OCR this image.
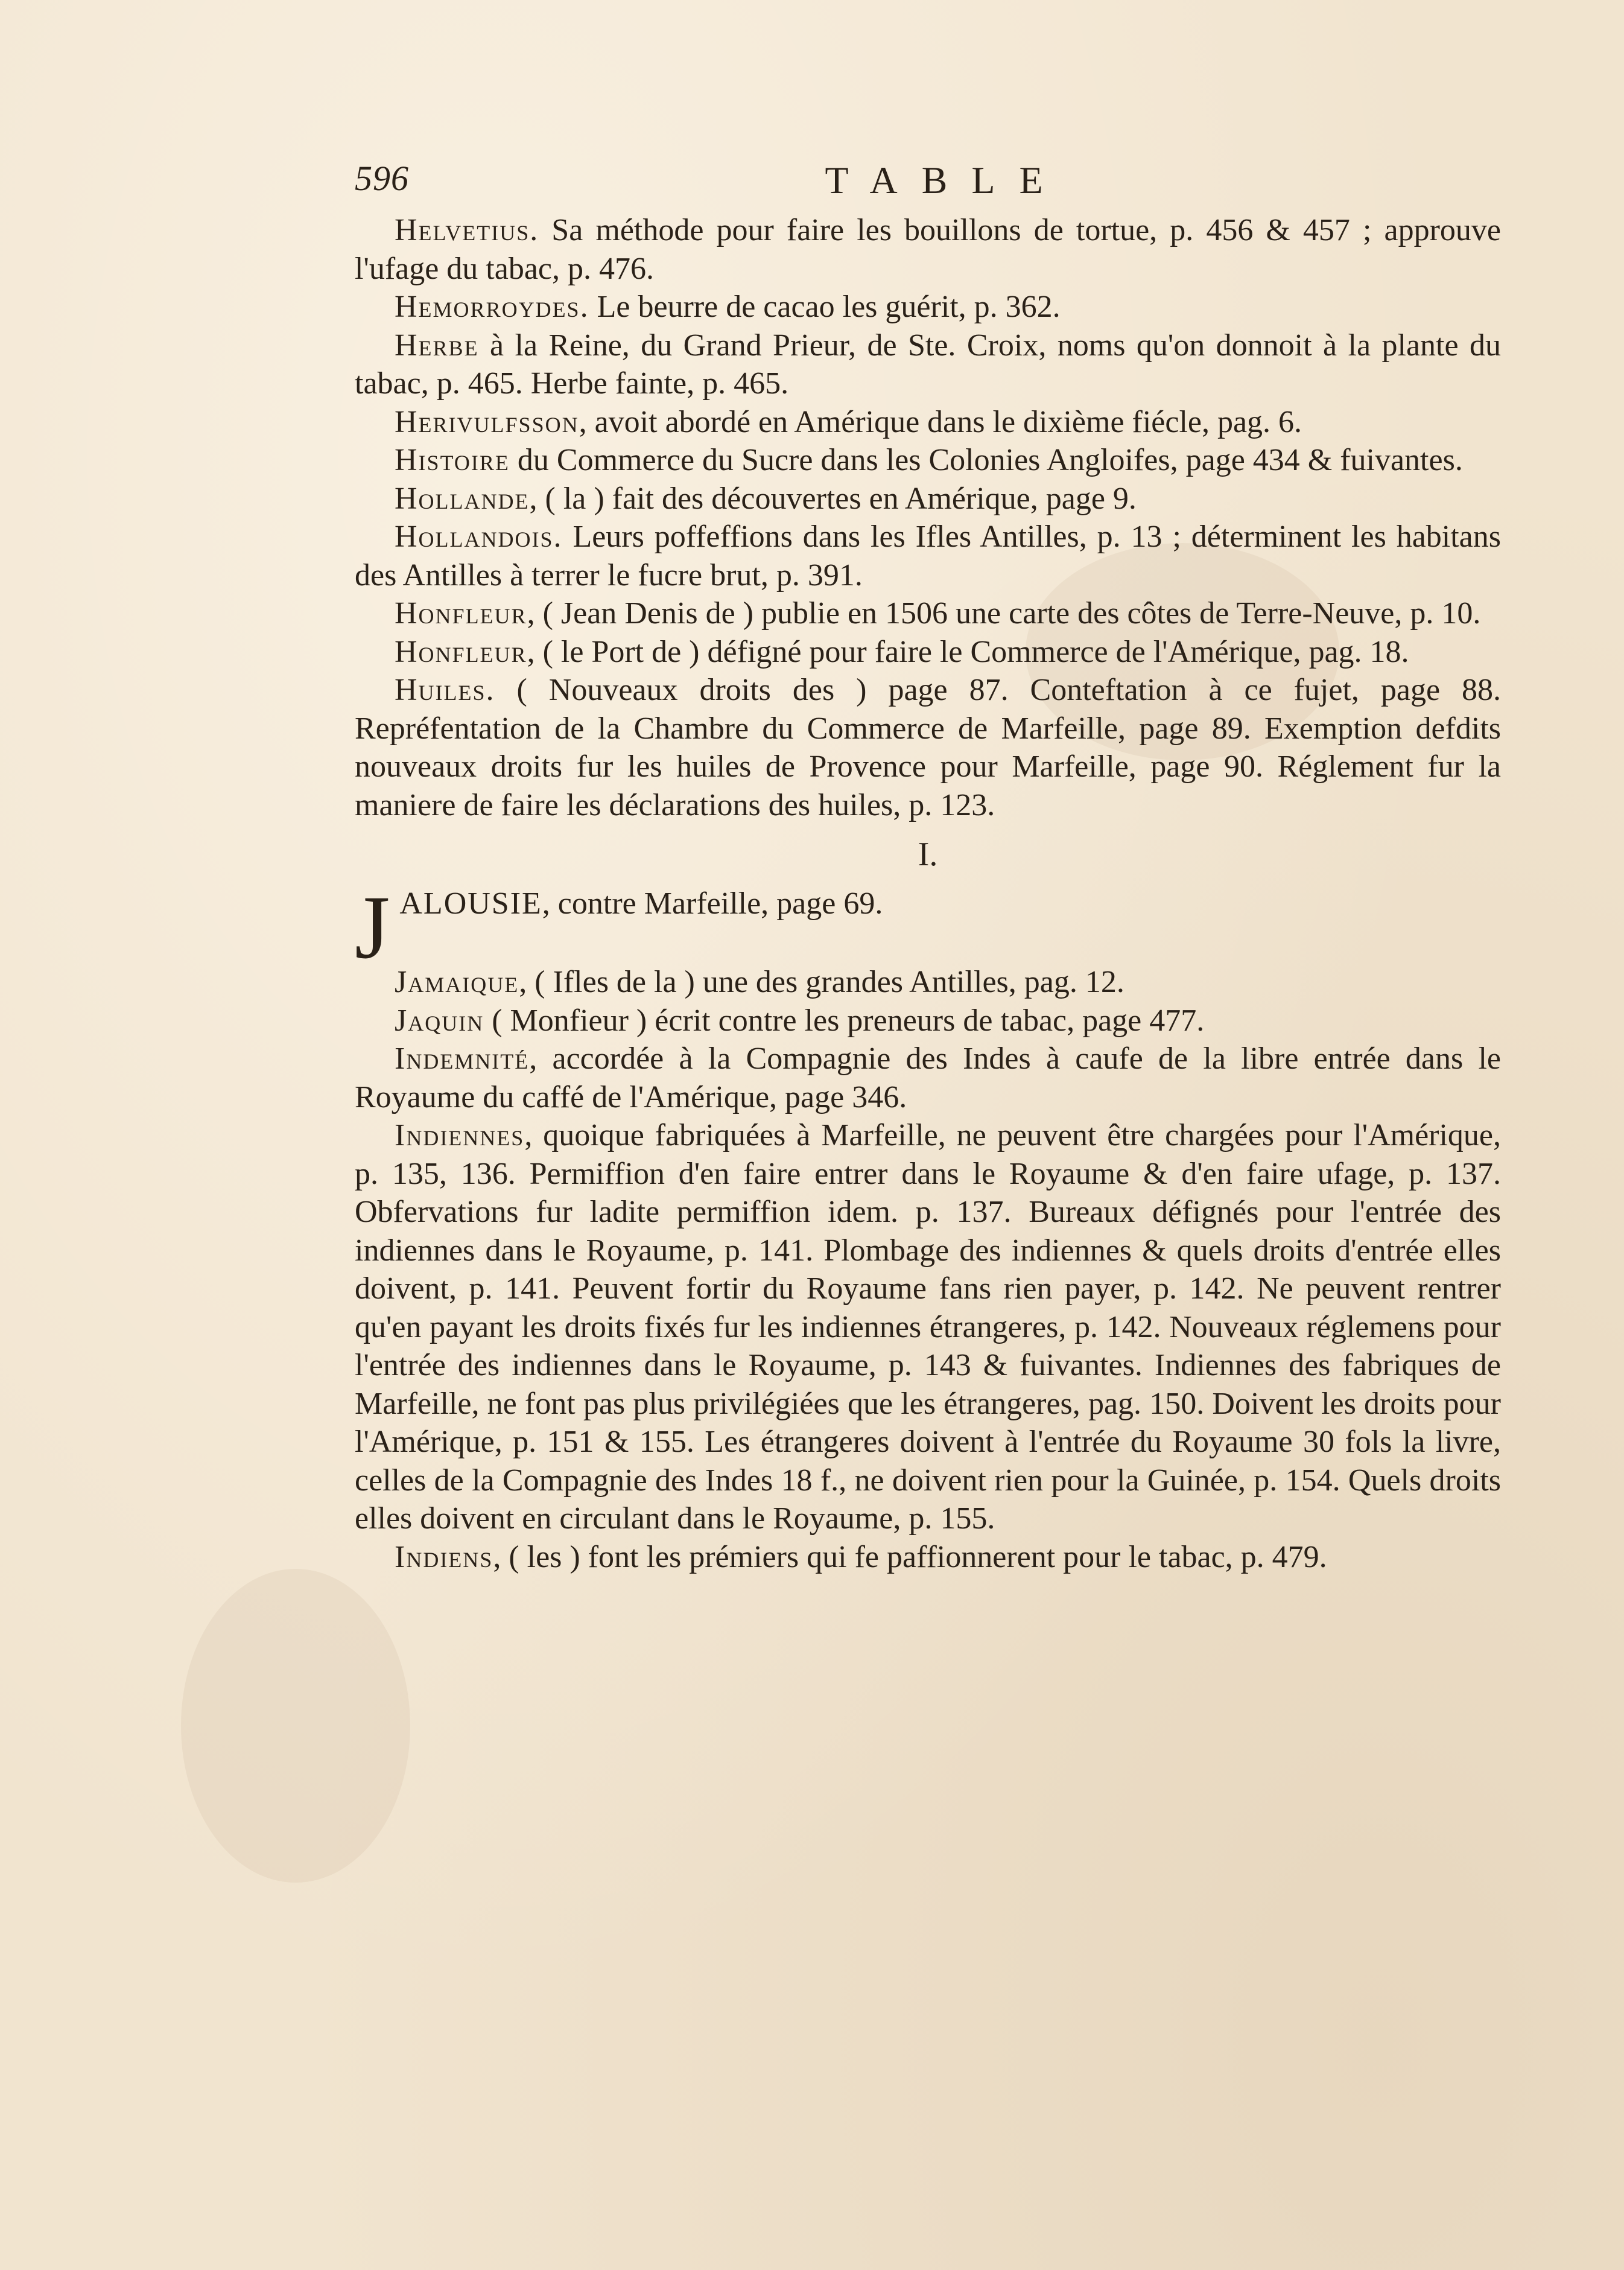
596	TABLE

Helvetius. Sa méthode pour faire les bouillons de tortue, p. 456 & 457 ; approuve l'ufage du tabac, p. 476.

Hemorroydes. Le beurre de cacao les guérit, p. 362.

Herbe à la Reine, du Grand Prieur, de Ste. Croix, noms qu'on donnoit à la plante du tabac, p. 465. Herbe fainte, p. 465.

Herivulfsson, avoit abordé en Amérique dans le dixième fiécle, pag. 6.

Histoire du Commerce du Sucre dans les Colonies Angloifes, page 434 & fuivantes.

Hollande, ( la ) fait des découvertes en Amérique, page 9.

Hollandois. Leurs poffeffions dans les Ifles Antilles, p. 13 ; déterminent les habitans des Antilles à terrer le fucre brut, p. 391.

Honfleur, ( Jean Denis de ) publie en 1506 une carte des côtes de Terre-Neuve, p. 10.

Honfleur, ( le Port de ) défigné pour faire le Commerce de l'Amérique, pag. 18.

Huiles. ( Nouveaux droits des ) page 87. Conteftation à ce fujet, page 88. Repréfentation de la Chambre du Commerce de Marfeille, page 89. Exemption defdits nouveaux droits fur les huiles de Provence pour Marfeille, page 90. Réglement fur la maniere de faire les déclarations des huiles, p. 123.

I.

JALOUSIE, contre Marfeille, page 69.

Jamaique, ( Ifles de la ) une des grandes Antilles, pag. 12.

Jaquin ( Monfieur ) écrit contre les preneurs de tabac, page 477.

Indemnité, accordée à la Compagnie des Indes à caufe de la libre entrée dans le Royaume du caffé de l'Amérique, page 346.

Indiennes, quoique fabriquées à Marfeille, ne peuvent être chargées pour l'Amérique, p. 135, 136. Permiffion d'en faire entrer dans le Royaume & d'en faire ufage, p. 137. Obfervations fur ladite permiffion idem. p. 137. Bureaux défignés pour l'entrée des indiennes dans le Royaume, p. 141. Plombage des indiennes & quels droits d'entrée elles doivent, p. 141. Peuvent fortir du Royaume fans rien payer, p. 142. Ne peuvent rentrer qu'en payant les droits fixés fur les indiennes étrangeres, p. 142. Nouveaux réglemens pour l'entrée des indiennes dans le Royaume, p. 143 & fuivantes. Indiennes des fabriques de Marfeille, ne font pas plus privilégiées que les étrangeres, pag. 150. Doivent les droits pour l'Amérique, p. 151 & 155. Les étrangeres doivent à l'entrée du Royaume 30 fols la livre, celles de la Compagnie des Indes 18 f., ne doivent rien pour la Guinée, p. 154. Quels droits elles doivent en circulant dans le Royaume, p. 155.

Indiens, ( les ) font les prémiers qui fe paffionnerent pour le tabac, p. 479.
